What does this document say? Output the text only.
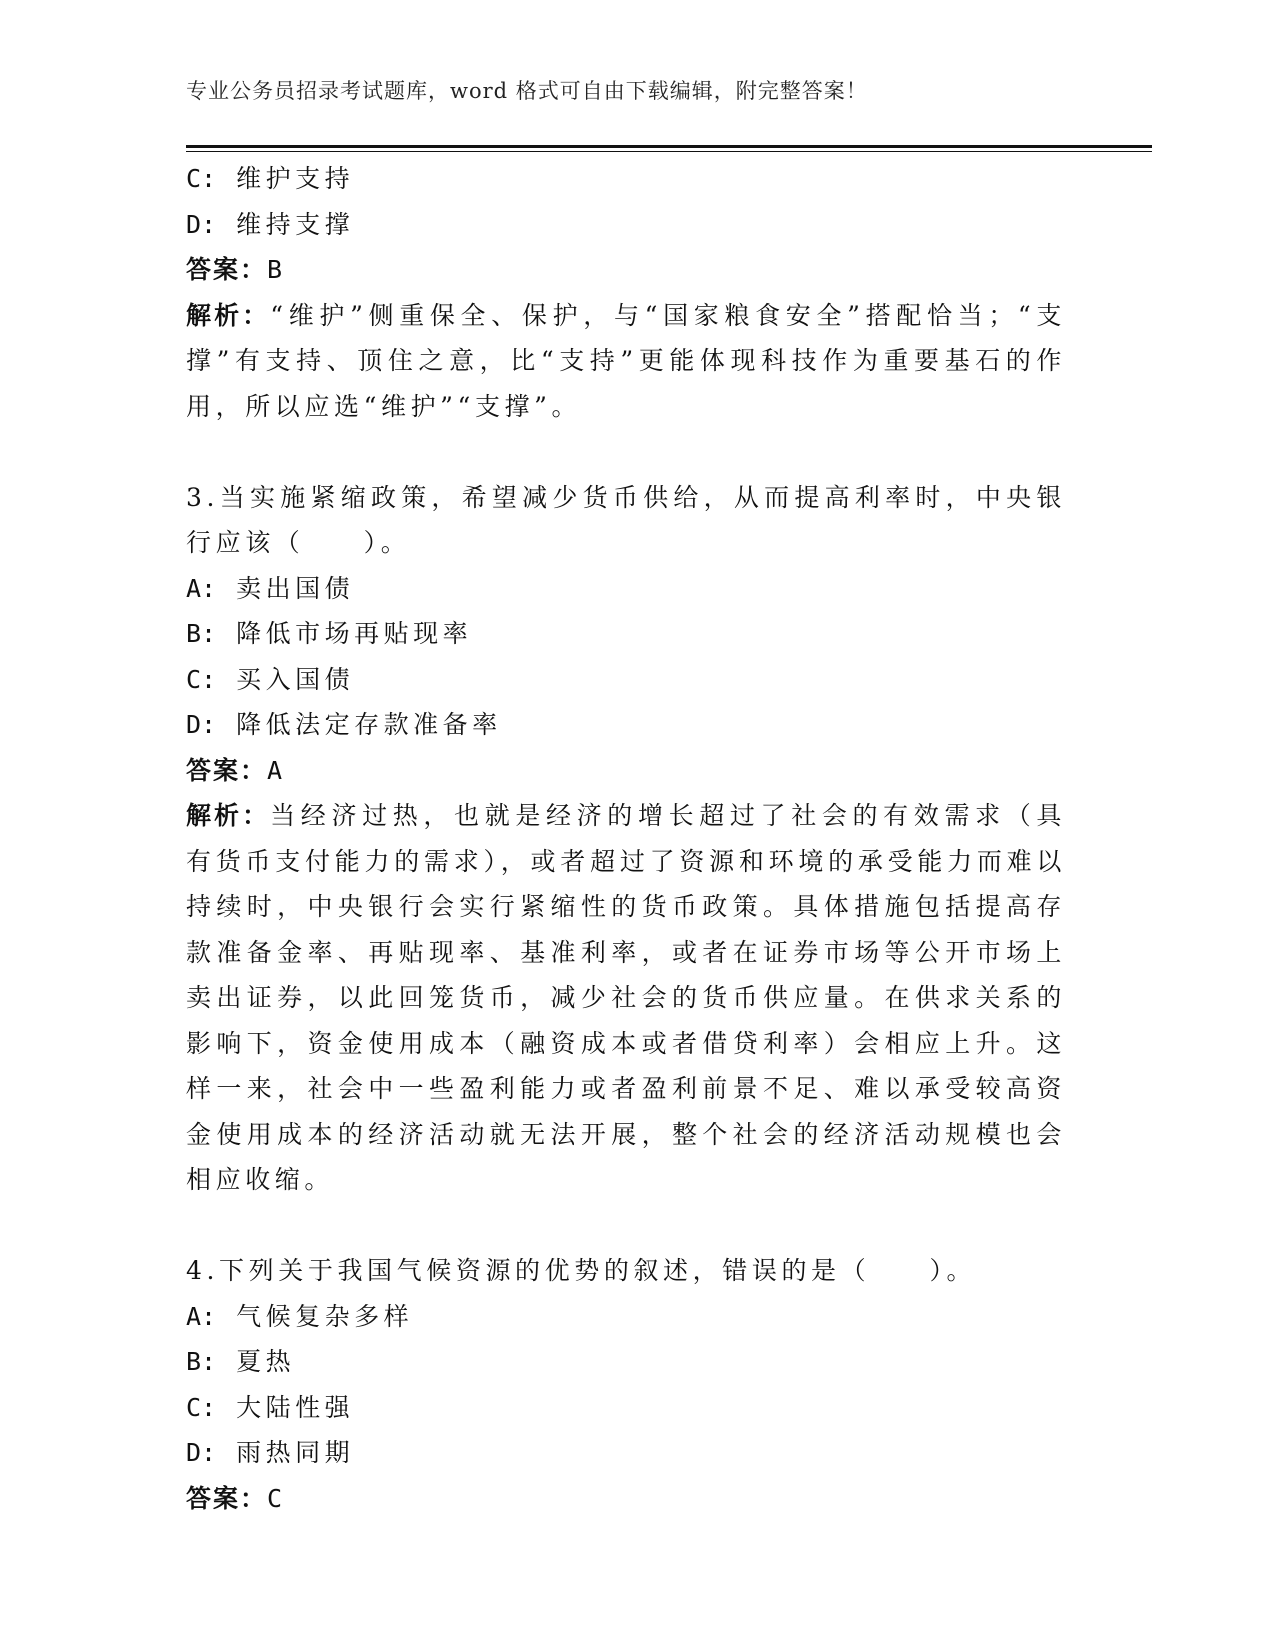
专业公务员招录考试题库，word 格式可自由下载编辑，附完整答案！

C: 维护支持

D: 维持支撑

答案：B

解析：“维护”侧重保全、保护，与“国家粮食安全”搭配恰当；“支撑”有支持、顶住之意，比“支持”更能体现科技作为重要基石的作用，所以应选“维护”“支撑”。

3.当实施紧缩政策，希望减少货币供给，从而提高利率时，中央银行应该（　　）。

A: 卖出国债

B: 降低市场再贴现率

C: 买入国债

D: 降低法定存款准备率

答案：A

解析：当经济过热，也就是经济的增长超过了社会的有效需求（具有货币支付能力的需求），或者超过了资源和环境的承受能力而难以持续时，中央银行会实行紧缩性的货币政策。具体措施包括提高存款准备金率、再贴现率、基准利率，或者在证券市场等公开市场上卖出证券，以此回笼货币，减少社会的货币供应量。在供求关系的影响下，资金使用成本（融资成本或者借贷利率）会相应上升。这样一来，社会中一些盈利能力或者盈利前景不足、难以承受较高资金使用成本的经济活动就无法开展，整个社会的经济活动规模也会相应收缩。

4.下列关于我国气候资源的优势的叙述，错误的是（　　）。

A: 气候复杂多样

B: 夏热

C: 大陆性强

D: 雨热同期

答案：C
